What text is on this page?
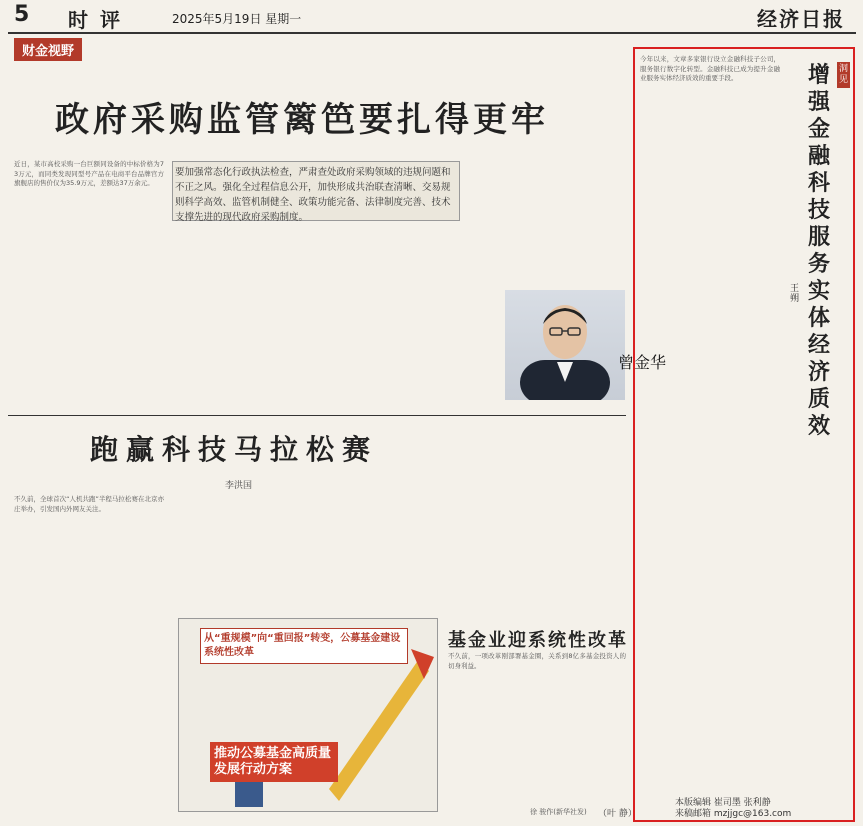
5 时评	2025年5月19日 星期一	经济日报
财金视野
政府采购监管篱笆要扎得更牢
要加强常态化行政执法检查，严肃查处政府采购领域的违规问题和不正之风。强化全过程信息公开，加快形成共治联查清晰、交易规则科学高效、监管机制健全、政策功能完备、法律制度完善、技术支撑先进的现代政府采购制度。
近日，某市高校采购一台巨额同设备的中标价格为73万元，而同类发现同型号产品在电商平台品牌官方旗舰店的售价仅为35.9万元，差额达37万余元。
曾金华
跑赢科技马拉松赛
李洪国
不久前，全球首次“人机共跑”半程马拉松赛在北京亦庄举办，引发国内外网友关注。
从“重规模”向“重回报”转变，公募基金建设系统性改革
推动公募基金高质量发展行动方案
徐 骏作(新华社发)
基金业迎系统性改革
不久前，一项改革刚部署基金圈，关系到8亿多基金投资人的切身利益。
（叶 静）
洞见
增强金融科技服务实体经济质效
王朔
今年以来，文章多家银行设立金融科技子公司，服务银行数字化转型。金融科技已成为提升金融业服务实体经济质效的重要手段。
本版编辑 崔司墨 张利静
来稿邮箱 mzjjgc@163.com
